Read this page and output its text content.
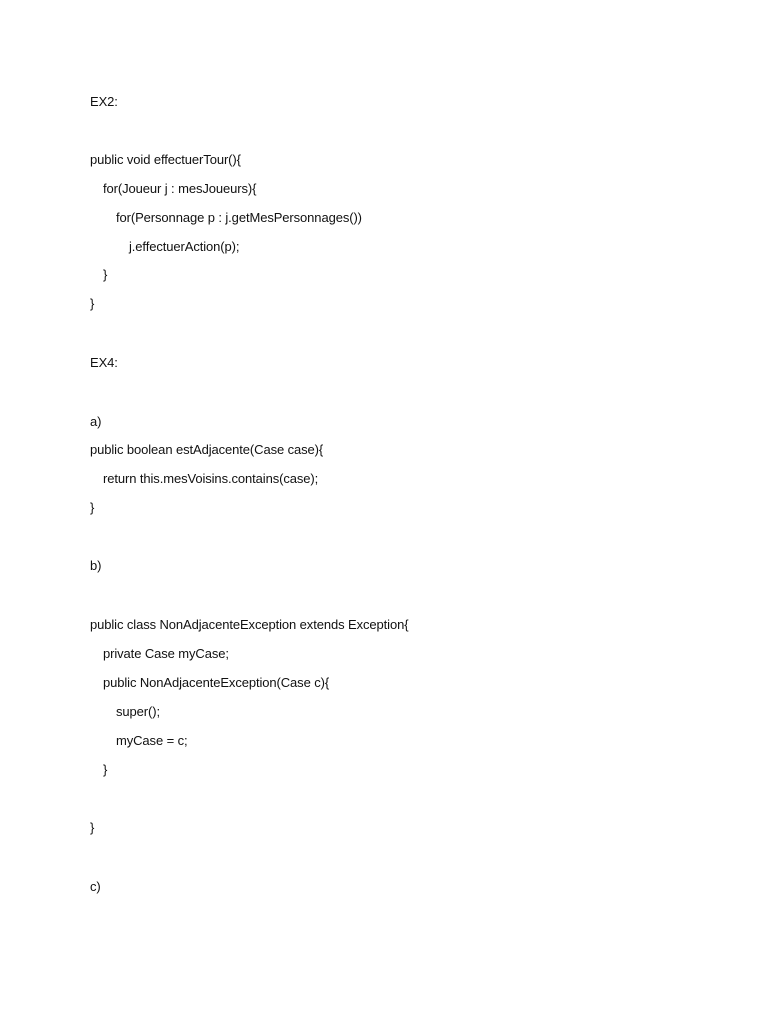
EX2:
public void effectuerTour(){
for(Joueur j : mesJoueurs){
for(Personnage p : j.getMesPersonnages())
j.effectuerAction(p);
}
}
EX4:
a)
public boolean estAdjacente(Case case){
return this.mesVoisins.contains(case);
}
b)
public class NonAdjacenteException extends Exception{
private Case myCase;
public NonAdjacenteException(Case c){
super();
myCase = c;
}
}
c)
